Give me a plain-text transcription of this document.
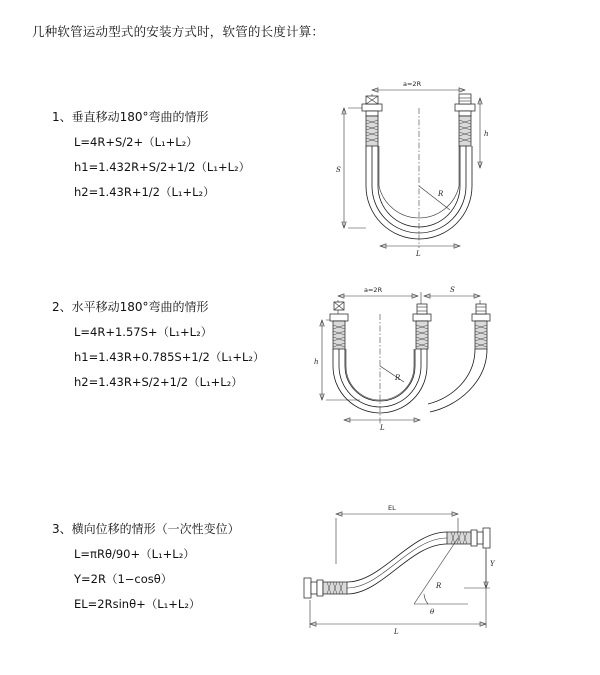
几种软管运动型式的安装方式时，软管的长度计算：
1、垂直移动180°弯曲的情形
L=4R+S/2+（L₁+L₂）
h1=1.432R+S/2+1/2（L₁+L₂）
h2=1.43R+1/2（L₁+L₂）
a=2R
h
S
R
L
2、水平移动180°弯曲的情形
L=4R+1.57S+（L₁+L₂）
h1=1.43R+0.785S+1/2（L₁+L₂）
h2=1.43R+S/2+1/2（L₁+L₂）
a=2R	S
h
R
L
3、横向位移的情形（一次性变位）
L=πRθ/90+（L₁+L₂）
Y=2R（1−cosθ）
EL=2Rsinθ+（L₁+L₂）
EL
Y
R
θ
L
